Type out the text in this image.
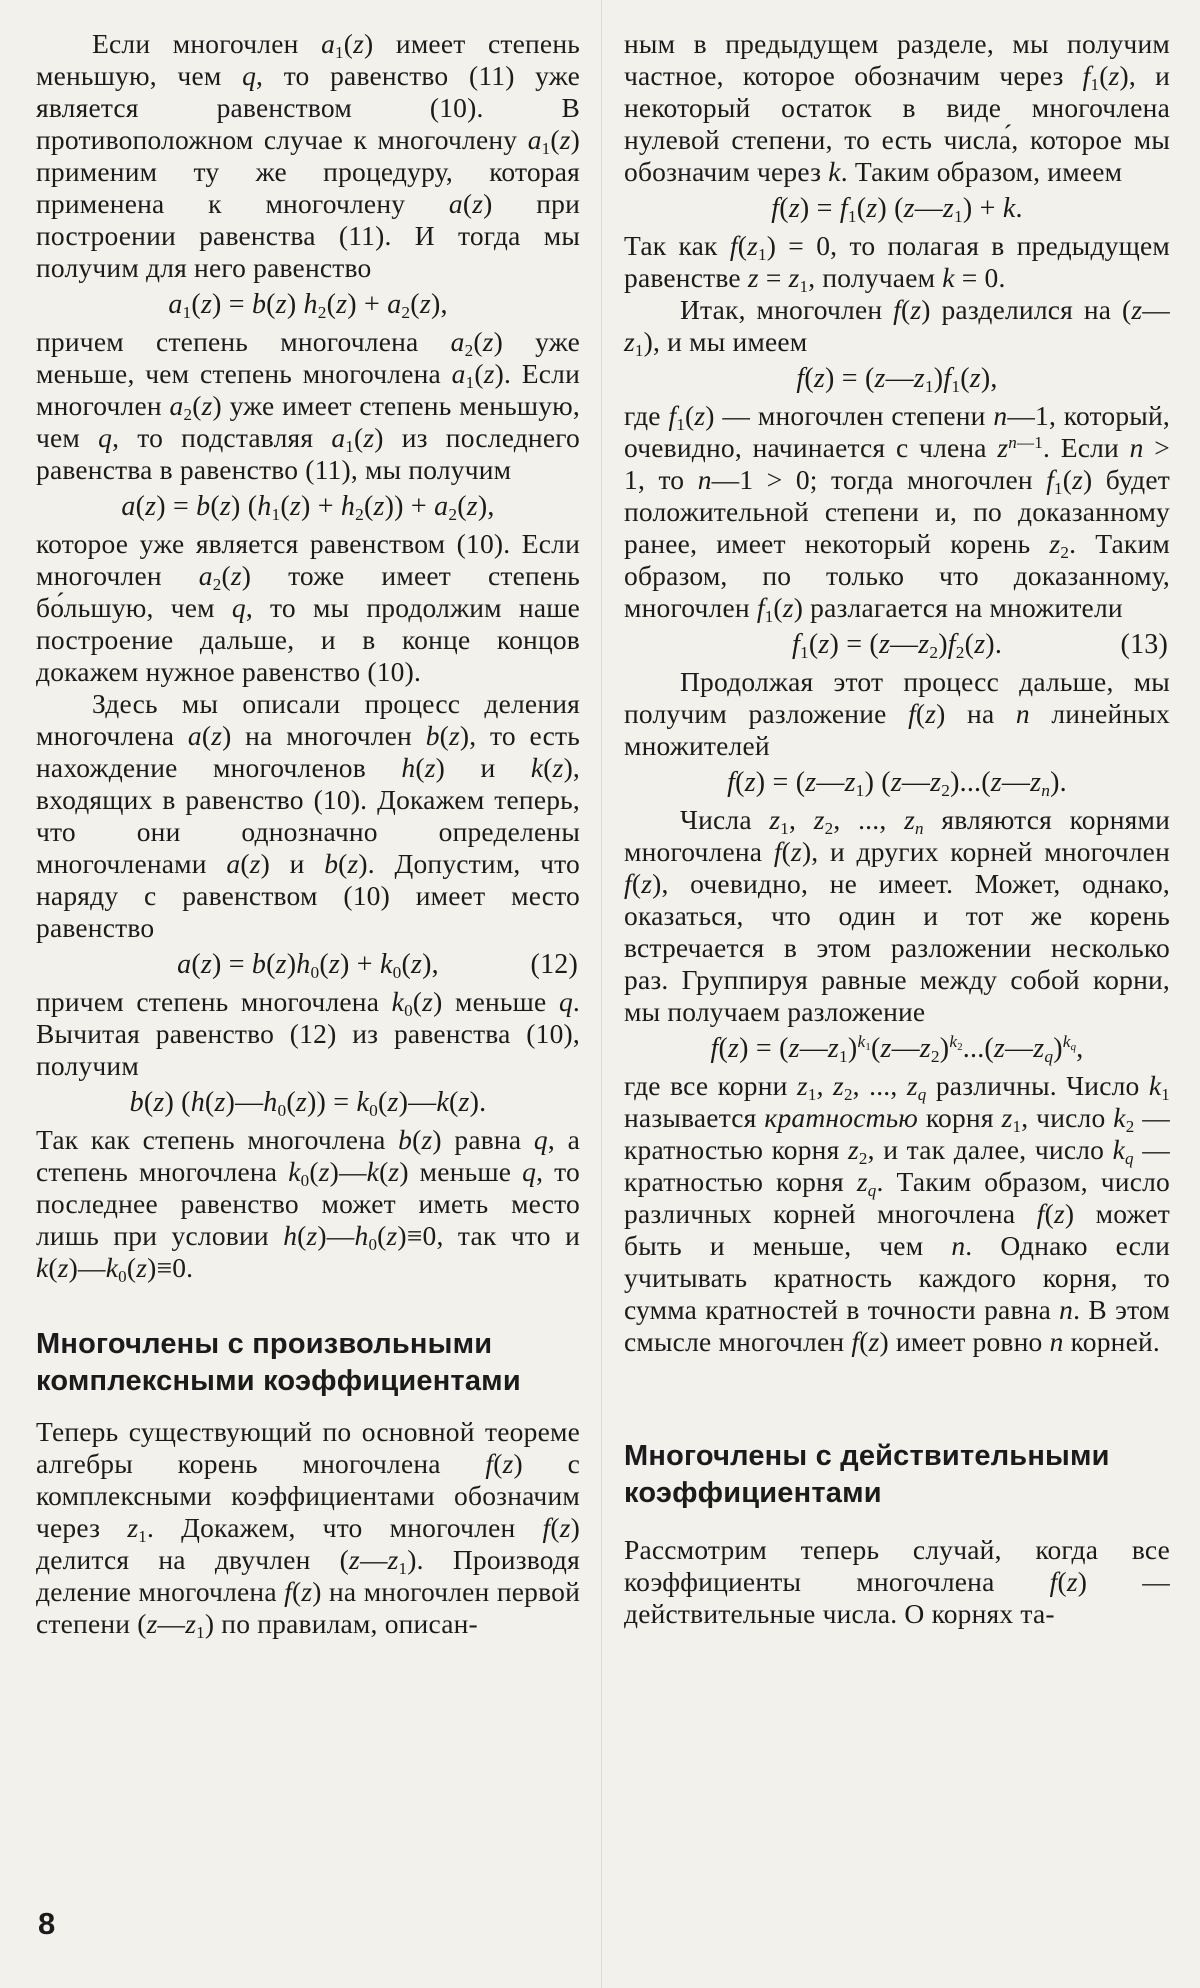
Если многочлен $a_1(z)$ имеет степень меньшую, чем q, то равенство (11) уже является равенством (10). В противоположном случае к многочлену $a_1(z)$ применим ту же процедуру, которая применена к многочлену a(z) при построении равенства (11). И тогда мы получим для него равенство

$a_1(z) = b(z) h_2(z) + a_2(z)$,

причем степень многочлена $a_2(z)$ уже меньше, чем степень многочлена $a_1(z)$. Если многочлен $a_2(z)$ уже имеет степень меньшую, чем q, то подставляя $a_1(z)$ из последнего равенства в равенство (11), мы получим

a(z) = b(z) $(h_1(z) + h_2(z)) + a_2(z)$,

которое уже является равенством (10). Если многочлен $a_2(z)$ тоже имеет степень бо́льшую, чем q, то мы продолжим наше построение дальше, и в конце концов докажем нужное равенство (10).

Здесь мы описали процесс деления многочлена a(z) на многочлен b(z), то есть нахождение многочленов h(z) и k(z), входящих в равенство (10). Докажем теперь, что они однозначно определены многочленами a(z) и b(z). Допустим, что наряду с равенством (10) имеет место равенство

$a(z) = b(z)h_0(z) + k_0(z)$,	(12)

причем степень многочлена $k_0(z)$ меньше q. Вычитая равенство (12) из равенства (10), получим

b(z) $(h(z)—h_0(z))$ = $k_0(z)—k(z)$.

Так как степень многочлена b(z) равна q, а степень многочлена $k_0(z)—k(z)$ меньше q, то последнее равенство может иметь место лишь при условии $h(z)—h_0(z)\equiv 0$, так что и $k(z)—k_0(z)\equiv 0$.

Многочлены с произвольными комплексными коэффициентами

Теперь существующий по основной теореме алгебры корень многочлена f(z) с комплексными коэффициентами обозначим через $z_1$. Докажем, что многочлен f(z) делится на двучлен $(z—z_1)$. Производя деление многочлена f(z) на многочлен первой степени $(z—z_1)$ по правилам, описан-

ным в предыдущем разделе, мы получим частное, которое обозначим через $f_1(z)$, и некоторый остаток в виде многочлена нулевой степени, то есть числа́, которое мы обозначим через k. Таким образом, имеем

$f(z) = f_1(z)$ $(z—z_1) + k$.

Так как $f(z_1) = 0$, то полагая в предыдущем равенстве $z = z_1$, получаем k = 0.

Итак, многочлен f(z) разделился на $(z—z_1)$, и мы имеем

$f(z) = (z—z_1)f_1(z)$,

где $f_1(z)$ — многочлен степени n—1, который, очевидно, начинается с члена $z^{n—1}$. Если n > 1, то n—1 > 0; тогда многочлен $f_1(z)$ будет положительной степени и, по доказанному ранее, имеет некоторый корень $z_2$. Таким образом, по только что доказанному, многочлен $f_1(z)$ разлагается на множители

$f_1(z)$ = $(z—z_2)f_2(z)$.	(13)

Продолжая этот процесс дальше, мы получим разложение f(z) на n линейных множителей

$f(z) = (z—z_1)$ $(z—z_2)...(z—z_n)$.

Числа $z_1$, $z_2$, ..., $z_n$ являются корнями многочлена f(z), и других корней многочлен f(z), очевидно, не имеет. Может, однако, оказаться, что один и тот же корень встречается в этом разложении несколько раз. Группируя равные между собой корни, мы получаем разложение

$f(z) = (z—z_1)^{k_1}(z—z_2)^{k_2}...(z—z_q)^{k_q}$,

где все корни $z_1$, $z_2$, ..., $z_q$ различны. Число $k_1$ называется кратностью корня $z_1$, число $k_2$ — кратностью корня $z_2$, и так далее, число $k_q$ — кратностью корня $z_q$. Таким образом, число различных корней многочлена f(z) может быть и меньше, чем n. Однако если учитывать кратность каждого корня, то сумма кратностей в точности равна n. В этом смысле многочлен f(z) имеет ровно n корней.

Многочлены с действительными коэффициентами

Рассмотрим теперь случай, когда все коэффициенты многочлена f(z) — действительные числа. О корнях та-

8
